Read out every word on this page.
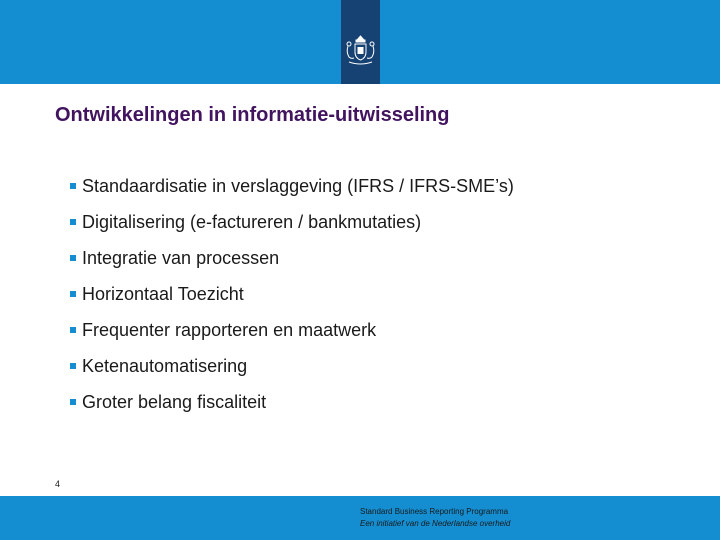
Ontwikkelingen in informatie-uitwisseling
Standaardisatie in verslaggeving (IFRS / IFRS-SME’s)
Digitalisering (e-factureren / bankmutaties)
Integratie van processen
Horizontaal Toezicht
Frequenter rapporteren en maatwerk
Ketenautomatisering
Groter belang fiscaliteit
4
Standard Business Reporting Programma
Een initiatief van de Nederlandse overheid
